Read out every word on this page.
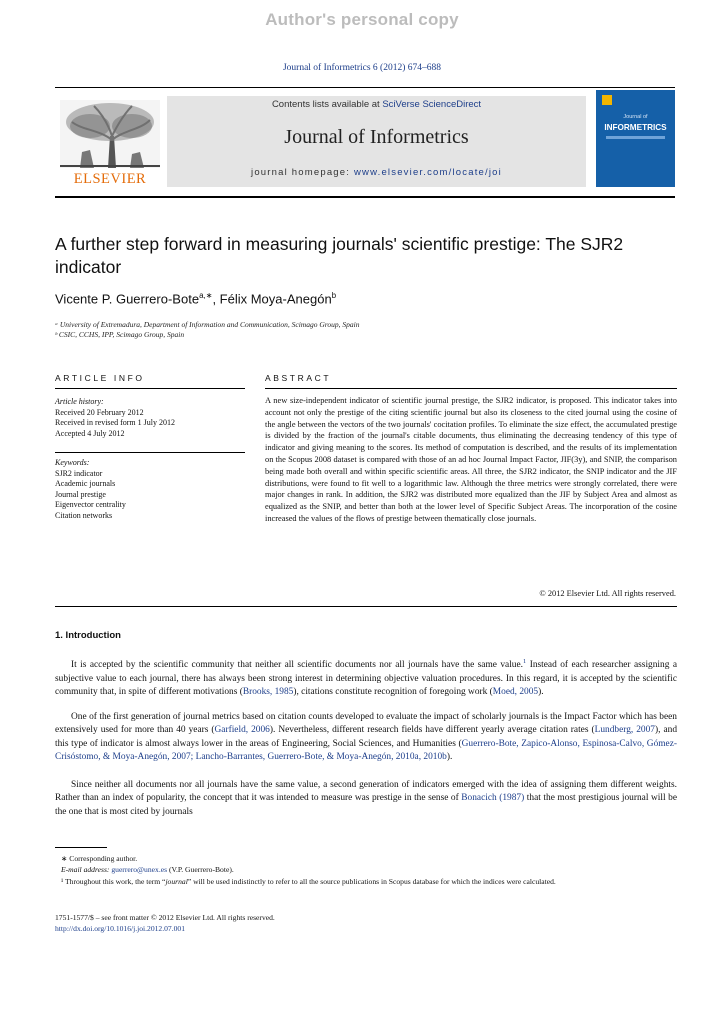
Author's personal copy
Journal of Informetrics 6 (2012) 674–688
ELSEVIER
Contents lists available at SciVerse ScienceDirect
Journal of Informetrics
journal homepage: www.elsevier.com/locate/joi
Journal of
INFORMETRICS
A further step forward in measuring journals' scientific prestige: The SJR2 indicator
Vicente P. Guerrero-Bote$^{a,∗}$, Félix Moya-Anegón$^b$
ᵃ University of Extremadura, Department of Information and Communication, Scimago Group, Spain
ᵇ CSIC, CCHS, IPP, Scimago Group, Spain
ARTICLE INFO	ABSTRACT
Article history:
Received 20 February 2012
Received in revised form 1 July 2012
Accepted 4 July 2012
Keywords:
SJR2 indicator
Academic journals
Journal prestige
Eigenvector centrality
Citation networks
A new size-independent indicator of scientific journal prestige, the SJR2 indicator, is proposed. This indicator takes into account not only the prestige of the citing scientific journal but also its closeness to the cited journal using the cosine of the angle between the vectors of the two journals' cocitation profiles. To eliminate the size effect, the accumulated prestige is divided by the fraction of the journal's citable documents, thus eliminating the decreasing tendency of this type of indicator and giving meaning to the scores. Its method of computation is described, and the results of its implementation on the Scopus 2008 dataset is compared with those of an ad hoc Journal Impact Factor, JIF(3y), and SNIP, the comparison being made both overall and within specific scientific areas. All three, the SJR2 indicator, the SNIP indicator and the JIF distributions, were found to fit well to a logarithmic law. Although the three metrics were strongly correlated, there were major changes in rank. In addition, the SJR2 was distributed more equalized than the JIF by Subject Area and almost as equalized as the SNIP, and better than both at the lower level of Specific Subject Areas. The incorporation of the cosine increased the values of the flows of prestige between thematically close journals.
© 2012 Elsevier Ltd. All rights reserved.
1. Introduction
It is accepted by the scientific community that neither all scientific documents nor all journals have the same value.$^1$ Instead of each researcher assigning a subjective value to each journal, there has always been strong interest in determining objective valuation procedures. In this regard, it is accepted by the scientific community that, in spite of different motivations (Brooks, 1985), citations constitute recognition of foregoing work (Moed, 2005).
One of the first generation of journal metrics based on citation counts developed to evaluate the impact of scholarly journals is the Impact Factor which has been extensively used for more than 40 years (Garfield, 2006). Nevertheless, different research fields have different yearly average citation rates (Lundberg, 2007), and this type of indicator is almost always lower in the areas of Engineering, Social Sciences, and Humanities (Guerrero-Bote, Zapico-Alonso, Espinosa-Calvo, Gómez-Crisóstomo, & Moya-Anegón, 2007; Lancho-Barrantes, Guerrero-Bote, & Moya-Anegón, 2010a, 2010b).
Since neither all documents nor all journals have the same value, a second generation of indicators emerged with the idea of assigning them different weights. Rather than an index of popularity, the concept that it was intended to measure was prestige in the sense of Bonacich (1987) that the most prestigious journal will be the one that is most cited by journals
∗ Corresponding author.
E-mail address: guerrero@unex.es (V.P. Guerrero-Bote).
¹ Throughout this work, the term “journal” will be used indistinctly to refer to all the source publications in Scopus database for which the indices were calculated.
1751-1577/$ – see front matter © 2012 Elsevier Ltd. All rights reserved.
http://dx.doi.org/10.1016/j.joi.2012.07.001
